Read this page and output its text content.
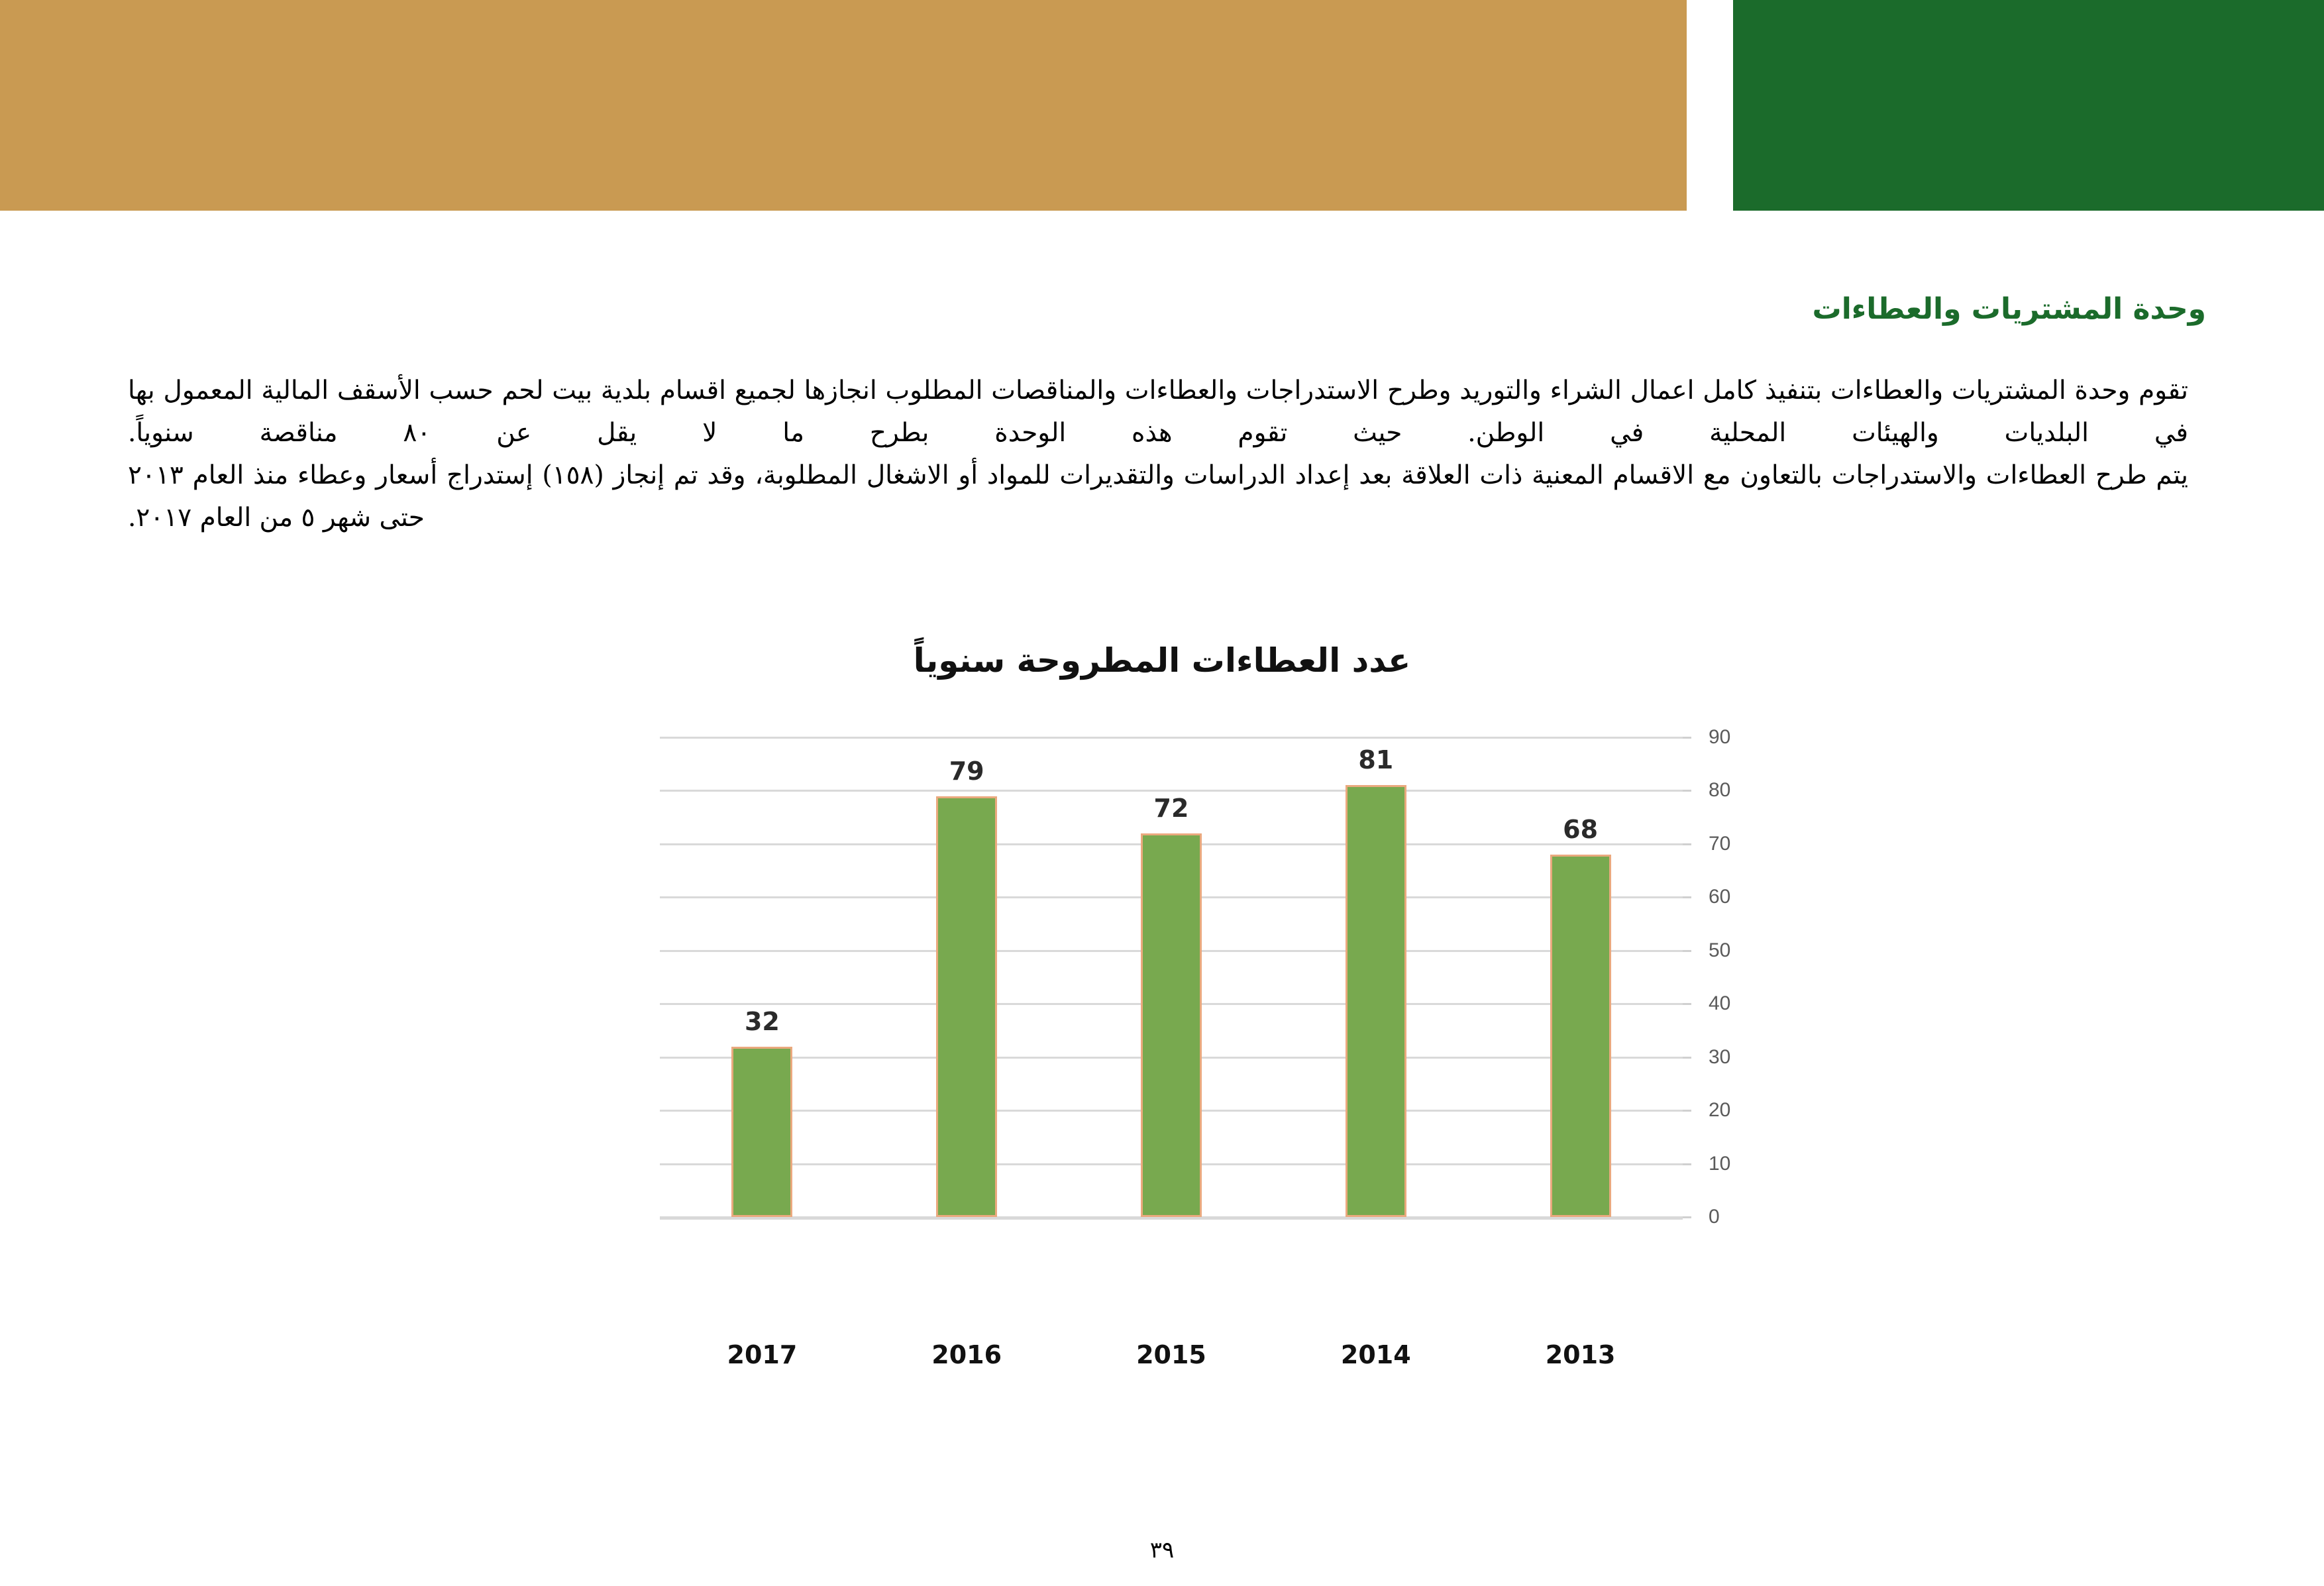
وحدة المشتريات والعطاءات

تقوم وحدة المشتريات والعطاءات بتنفيذ كامل اعمال الشراء والتوريد وطرح الاستدراجات والعطاءات والمناقصات المطلوب انجازها لجميع اقسام بلدية بيت لحم حسب الأسقف المالية المعمول بها في البلديات والهيئات المحلية في الوطن. حيث تقوم هذه الوحدة بطرح ما لا يقل عن ٨٠ مناقصة سنوياً.

يتم طرح العطاءات والاستدراجات بالتعاون مع الاقسام المعنية ذات العلاقة بعد إعداد الدراسات والتقديرات للمواد أو الاشغال المطلوبة، وقد تم إنجاز (١٥٨) إستدراج أسعار وعطاء منذ العام ٢٠١٣ حتى شهر ٥ من العام ٢٠١٧.

عدد العطاءات المطروحة سنوياً
90
80
70
60
50
40
30
20
10
0
32
79
72
81
68
2017	2016	2015	2014	2013
٣٩
